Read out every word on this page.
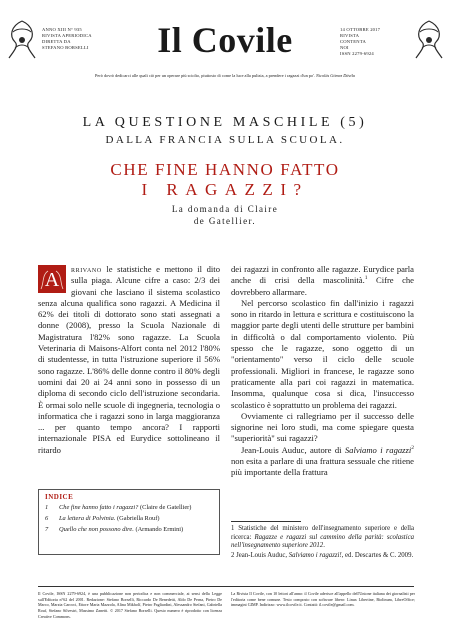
ANNO XIII N° 935
RIVISTA APERIODICA
DIRETTA DA
STEFANO BORSELLI	Il Covile	14 OTTOBRE 2017
RIVISTA
CONTENTA
NOI
ISSN 2279-6924
Però dovrò dedicarci alle quali ciò per un operare più sciolto, piuttosto di come la luce alla pulizia, a prendere i ragazzi d'un po'. Nicolás Gómez Dávila
LA QUESTIONE MASCHILE (5)
DALLA FRANCIA SULLA SCUOLA.
CHE FINE HANNO FATTO
I RAGAZZI?
La domanda di Claire
de Gatellier.

A rrivano le statistiche e mettono il dito sulla piaga. Alcune cifre a caso: 2/3 dei giovani che lasciano il sistema scolastico senza alcuna qualifica sono ragazzi. A Medicina il 62% dei titoli di dottorato sono stati assegnati a donne (2008), presso la Scuola Nazionale di Magistratura l'82% sono ragazze. La Scuola Veterinaria di Maisons-Alfort conta nel 2012 l'80% di studentesse, in tutta l'istruzione superiore il 56% sono ragazze. L'86% delle donne contro il 80% degli uomini dai 20 ai 24 anni sono in possesso di un diploma di secondo ciclo dell'istruzione secondaria. È ormai solo nelle scuole di ingegneria, tecnologia o informatica che i ragazzi sono in larga maggioranza ... per quanto tempo ancora? I rapporti internazionale PISA ed Eurydice sottolineano il ritardo

INDICE
1	Che fine hanno fatto i ragazzi? (Claire de Gatellier)
6	La lettera di Polvinia. (Gabriella Rouf)
7	Quello che non possono dire. (Armando Ermini)

dei ragazzi in confronto alle ragazze. Eurydice parla anche di crisi della mascolinità.$^1$ Cifre che dovrebbero allarmare.

Nel percorso scolastico fin dall'inizio i ragazzi sono in ritardo in lettura e scrittura e costituiscono la maggior parte degli utenti delle strutture per bambini in difficoltà o dal comportamento violento. Più spesso che le ragazze, sono oggetto di un "orientamento" verso il ciclo delle scuole professionali. Migliori in francese, le ragazze sono praticamente alla pari coi ragazzi in matematica. Insomma, qualunque cosa si dica, l'insuccesso scolastico è soprattutto un problema dei ragazzi.

Ovviamente ci rallegriamo per il successo delle signorine nei loro studi, ma come spiegare questa "superiorità" sui ragazzi?

Jean-Louis Auduc, autore di Salviamo i ragazzi$^2$ non esita a parlare di una frattura sessuale che ritiene più importante della frattura

1 Statistiche del ministero dell'insegnamento superiore e della ricerca: Ragazze e ragazzi sul cammino della parità: scolastica nell'insegnamento superiore 2012.

2 Jean-Louis Auduc, Salviamo i ragazzi!, ed. Descartes & C. 2009.

Il Covile, ISSN 2279-6924, è una pubblicazione non periodica e non commerciale, ai sensi della Legge sull'Editoria n°62 del 2001. Redazione: Stefano Borselli, Riccardo De Benedetti, Aldo De Perna, Pietro De Marco, Marzia Carocci, Ettore Maria Mazzola, Alina Mikholf, Pietro Pagliardini, Alessandro Stefani, Gabriella Rouf, Stefano Silvestri, Massimo Zanetti. © 2017 Stefano Borselli. Questo numero è riprodotto con licenza Creative Commons.
La Rivista Il Covile, con 10 lettori all'anno: il Covile aderisce all'appello dell'Unione italiana dei giornalisti per l'editoria come bene comune. Testo composto con software libero: Linux Libertine, Biolinum, LibreOffice; immagini GIMP. Indirizzo: www.ilcovile.it. Contatti: il.covile@gmail.com.
